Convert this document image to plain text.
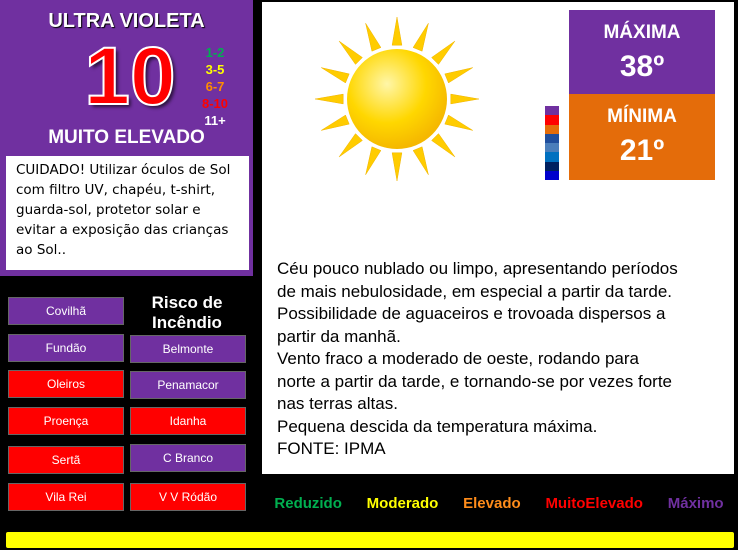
ULTRA VIOLETA
10	1-2
3-5
6-7
8-10
11+
MUITO ELEVADO
CUIDADO! Utilizar óculos de Sol com filtro UV, chapéu, t-shirt, guarda-sol, protetor solar e evitar a exposição das crianças ao Sol..
Risco de Incêndio
Covilhã
Fundão
Oleiros
Proença
Sertã
Vila Rei
Belmonte
Penamacor
Idanha
C Branco
V V Ródão
MÁXIMA
38º
MÍNIMA
21º

Céu pouco nublado ou limpo, apresentando períodos

de mais nebulosidade, em especial a partir da tarde.

Possibilidade de aguaceiros e trovoada dispersos a

partir da manhã.

Vento fraco a moderado de oeste, rodando para

norte a partir da tarde, e tornando-se por vezes forte

nas terras altas.

Pequena descida da temperatura máxima.

FONTE: IPMA

Reduzido Moderado Elevado MuitoElevado Máximo
